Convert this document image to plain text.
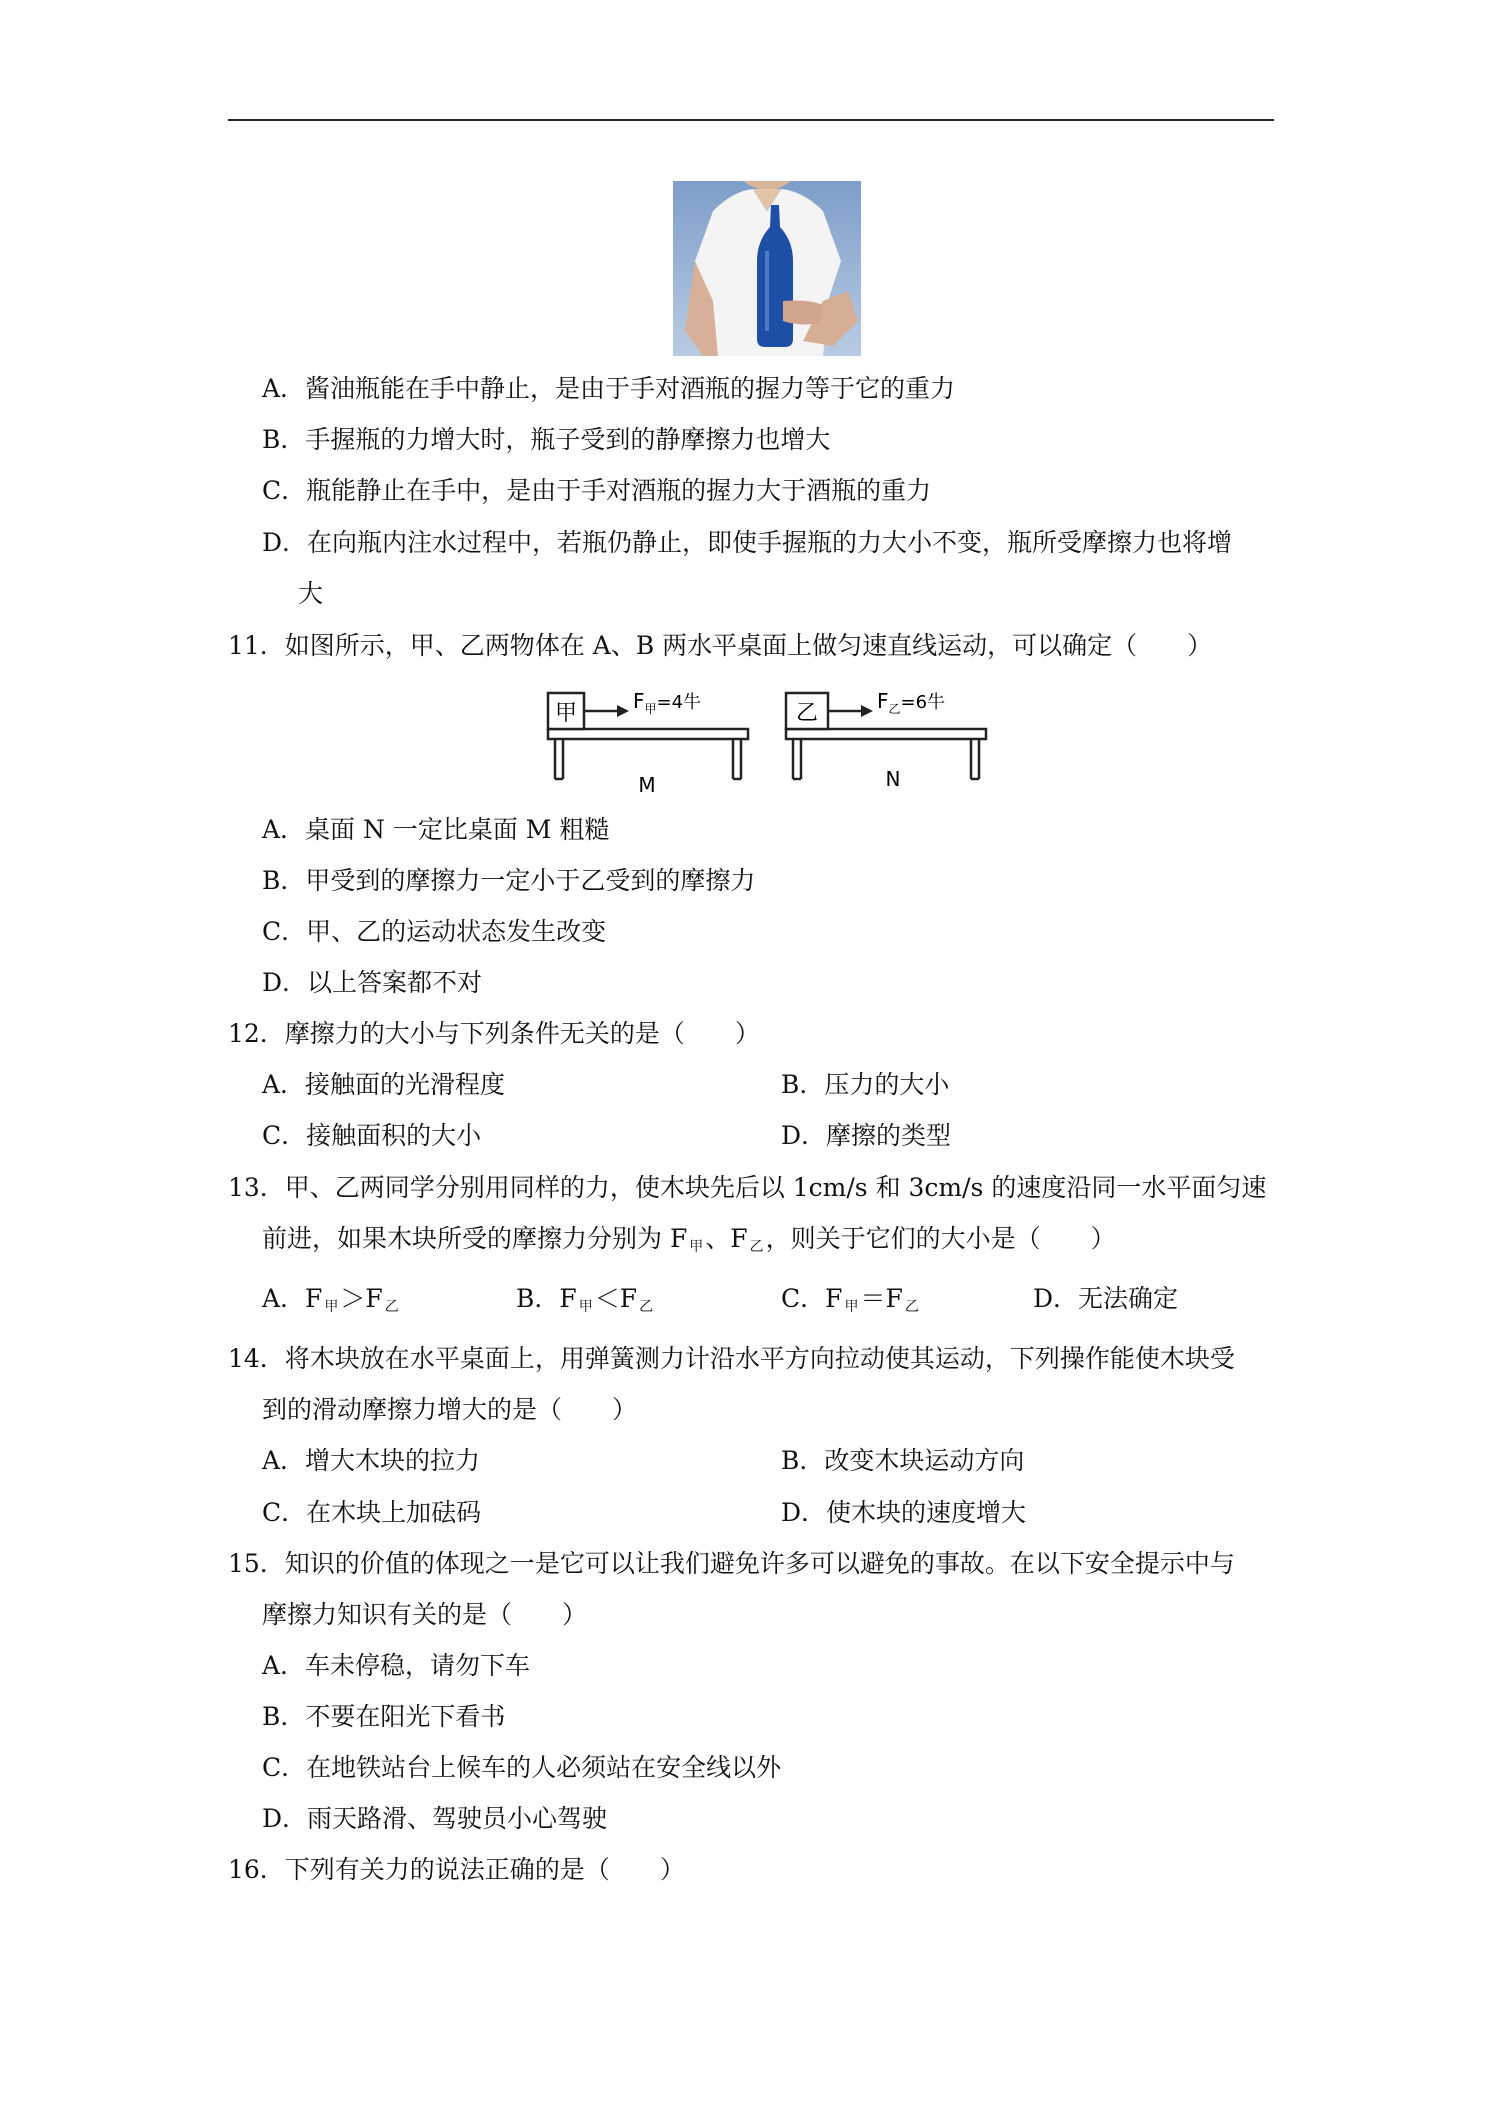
A．酱油瓶能在手中静止，是由于手对酒瓶的握力等于它的重力
B．手握瓶的力增大时，瓶子受到的静摩擦力也增大
C．瓶能静止在手中，是由于手对酒瓶的握力大于酒瓶的重力
D．在向瓶内注水过程中，若瓶仍静止，即使手握瓶的力大小不变，瓶所受摩擦力也将增
大
11．如图所示，甲、乙两物体在 A、B 两水平桌面上做匀速直线运动，可以确定（　　）
甲	乙
$F_甲=4$牛	$F_乙=6$牛
M	N
A．桌面 N 一定比桌面 M 粗糙
B．甲受到的摩擦力一定小于乙受到的摩擦力
C．甲、乙的运动状态发生改变
D．以上答案都不对
12．摩擦力的大小与下列条件无关的是（　　）
A．接触面的光滑程度	B．压力的大小
C．接触面积的大小	D．摩擦的类型
13．甲、乙两同学分别用同样的力，使木块先后以 1cm/s 和 3cm/s 的速度沿同一水平面匀速
前进，如果木块所受的摩擦力分别为 F $_甲$、F $_乙$，则关于它们的大小是（　　）
A．F $_甲$＞F $_乙$	B．F $_甲$＜F $_乙$	C．F $_甲$＝F $_乙$	D．无法确定
14．将木块放在水平桌面上，用弹簧测力计沿水平方向拉动使其运动，下列操作能使木块受
到的滑动摩擦力增大的是（　　）
A．增大木块的拉力	B．改变木块运动方向
C．在木块上加砝码	D．使木块的速度增大
15．知识的价值的体现之一是它可以让我们避免许多可以避免的事故。在以下安全提示中与
摩擦力知识有关的是（　　）
A．车未停稳，请勿下车
B．不要在阳光下看书
C．在地铁站台上候车的人必须站在安全线以外
D．雨天路滑、驾驶员小心驾驶
16．下列有关力的说法正确的是（　　）
